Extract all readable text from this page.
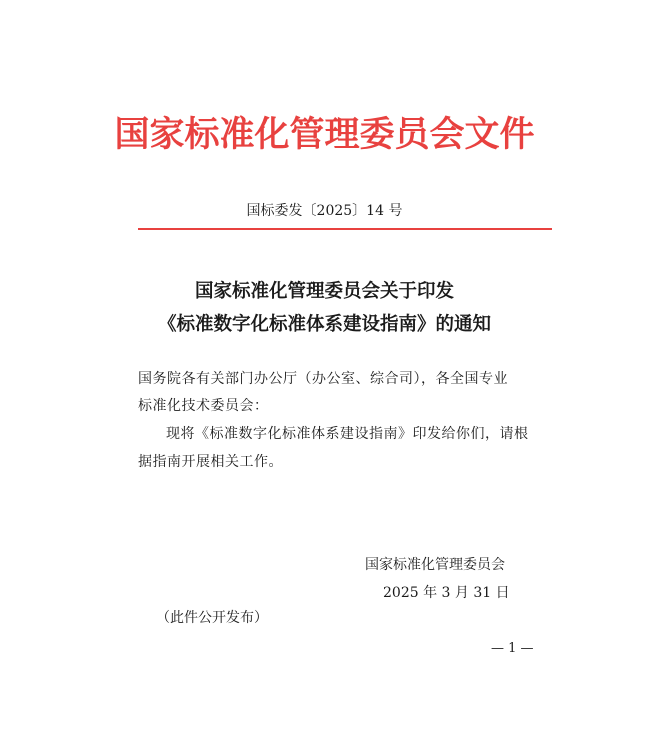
国家标准化管理委员会文件
国标委发〔2025〕14 号
国家标准化管理委员会关于印发
《标准数字化标准体系建设指南》的通知
国务院各有关部门办公厅（办公室、综合司），各全国专业
标准化技术委员会：
现将《标准数字化标准体系建设指南》印发给你们，请根
据指南开展相关工作。
国家标准化管理委员会
2025 年 3 月 31 日
（此件公开发布）
— 1 —
